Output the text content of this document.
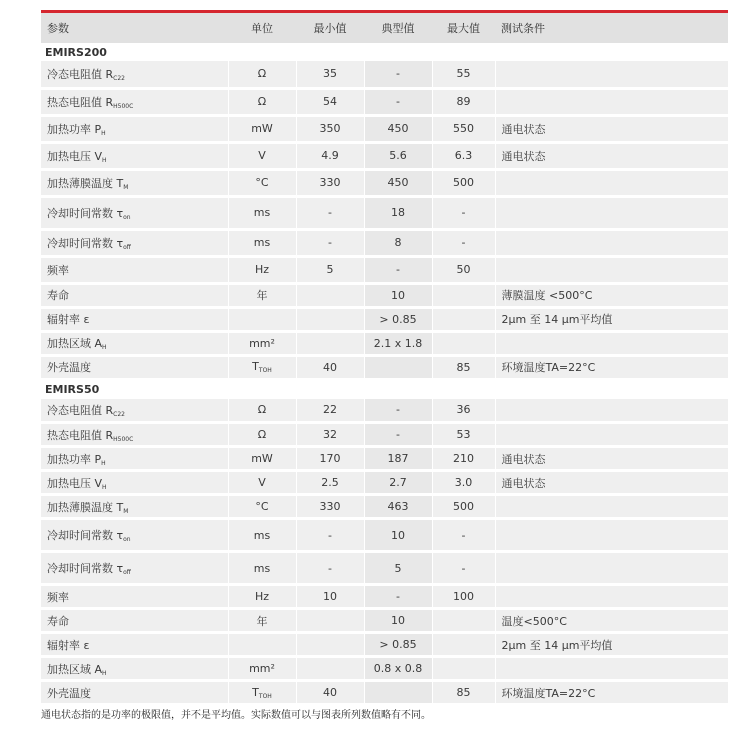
参数	单位	最小值	典型值	最大值	测试条件
EMIRS200					
冷态电阻值 $R_{C22}$	Ω	35	-	55	
热态电阻值 $R_{H500C}$	Ω	54	-	89	
加热功率 $P_H$	mW	350	450	550	通电状态
加热电压 $V_H$	V	4.9	5.6	6.3	通电状态
加热薄膜温度 $T_M$	°C	330	450	500	
冷却时间常数 $\tau_{on}$	ms	-	18	-	
冷却时间常数 $\tau_{off}$	ms	-	8	-	
频率	Hz	5	-	50	
寿命	年		10		薄膜温度 <500°C
辐射率 ε			> 0.85		2μm 至 14 μm平均值
加热区域 $A_H$	mm²		2.1 x 1.8		
外壳温度	$T_{TOH}$	40		85	环境温度TA=22°C
EMIRS50					
冷态电阻值 $R_{C22}$	Ω	22	-	36	
热态电阻值 $R_{H500C}$	Ω	32	-	53	
加热功率 $P_H$	mW	170	187	210	通电状态
加热电压 $V_H$	V	2.5	2.7	3.0	通电状态
加热薄膜温度 $T_M$	°C	330	463	500	
冷却时间常数 $\tau_{on}$	ms	-	10	-	
冷却时间常数 $\tau_{off}$	ms	-	5	-	
频率	Hz	10	-	100	
寿命	年		10		温度<500°C
辐射率 ε			> 0.85		2μm 至 14 μm平均值
加热区域 $A_H$	mm²		0.8 x 0.8		
外壳温度	$T_{TOH}$	40		85	环境温度TA=22°C
通电状态指的是功率的极限值，并不是平均值。实际数值可以与图表所列数值略有不同。
